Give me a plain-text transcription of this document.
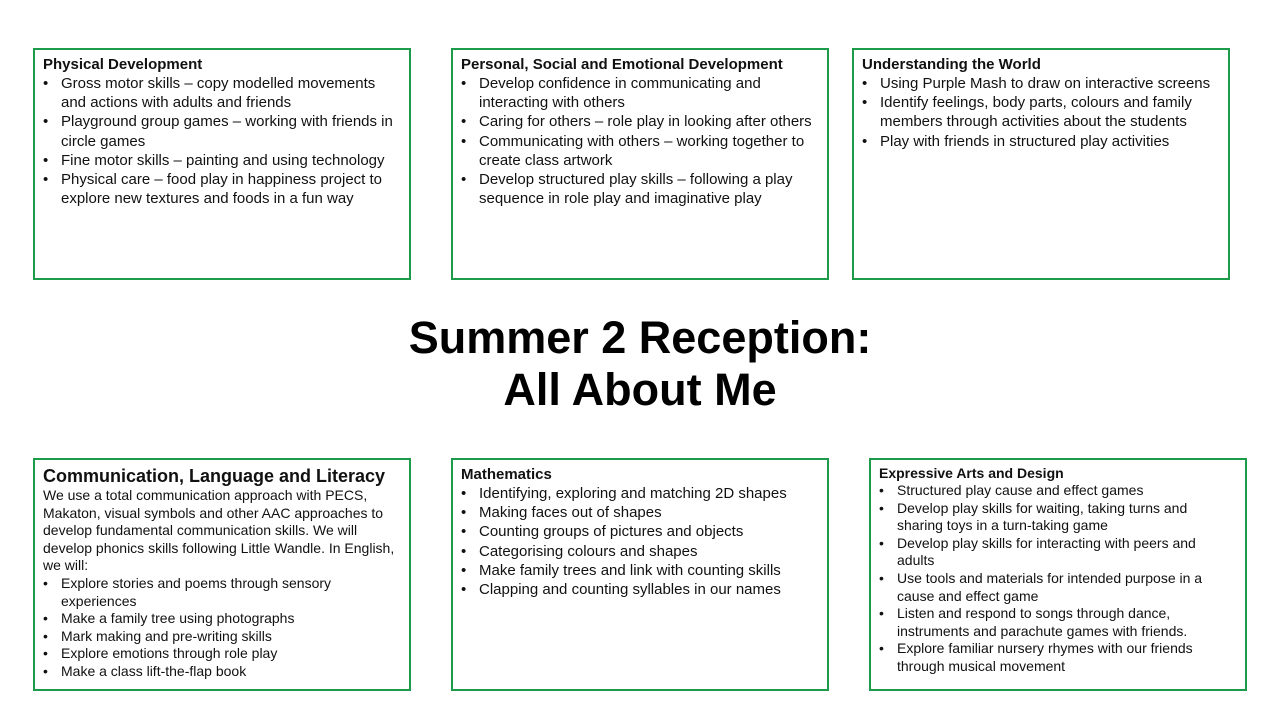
Physical Development
• Gross motor skills – copy modelled movements and actions with adults and friends
• Playground group games – working with friends in circle games
• Fine motor skills – painting and using technology
• Physical care – food play in happiness project to explore new textures and foods in a fun way
Personal, Social and Emotional Development
• Develop confidence in communicating and interacting with others
• Caring for others – role play in looking after others
• Communicating with others – working together to create class artwork
• Develop structured play skills – following a play sequence in role play and imaginative play
Understanding the World
• Using Purple Mash to draw on interactive screens
• Identify feelings, body parts, colours and family members through activities about the students
• Play with friends in structured play activities
Summer 2 Reception:
All About Me
Communication, Language and Literacy

We use a total communication approach with PECS, Makaton, visual symbols and other AAC approaches to develop fundamental communication skills. We will develop phonics skills following Little Wandle. In English, we will:

• Explore stories and poems through sensory experiences
• Make a family tree using photographs
• Mark making and pre-writing skills
• Explore emotions through role play
• Make a class lift-the-flap book
Mathematics
• Identifying, exploring and matching 2D shapes
• Making faces out of shapes
• Counting groups of pictures and objects
• Categorising colours and shapes
• Make family trees and link with counting skills
• Clapping and counting syllables in our names
Expressive Arts and Design
• Structured play cause and effect games
• Develop play skills for waiting, taking turns and sharing toys in a turn-taking game
• Develop play skills for interacting with peers and adults
• Use tools and materials for intended purpose in a cause and effect game
• Listen and respond to songs through dance, instruments and parachute games with friends.
• Explore familiar nursery rhymes with our friends through musical movement
